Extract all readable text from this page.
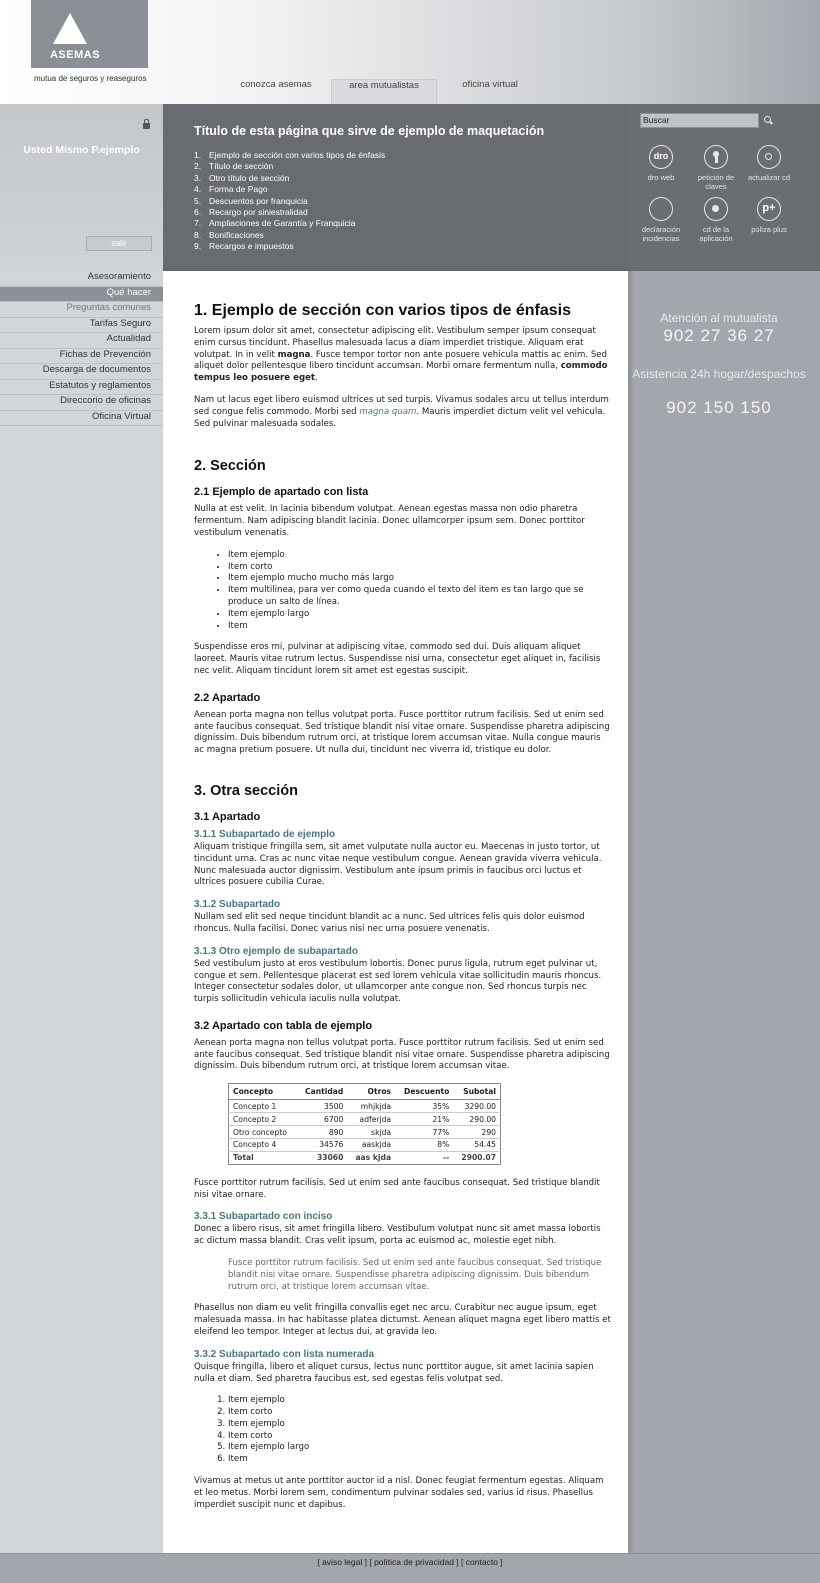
ASEMAS
mutua de seguros y reaseguros
conozca asemas	area mutualistas	oficina virtual
Usted Mismo P.ejemplo
salir
Título de esta página que sirve de ejemplo de maquetación
1. Ejemplo de sección con varios tipos de énfasis
2. Título de sección
3. Otro título de sección
4. Forma de Pago
5. Descuentos por franquicia
6. Recargo por siniestralidad
7. Ampliaciones de Garantía y Franquicia
8. Bonificaciones
9. Recargos e impuestos
Buscar
dro
dro web	petición de claves
actualizar cd
declaración incidencias
cd de la aplicación
p+
poliza plus
Asesoramiento
Qué hacer
Preguntas comunes
Tarifas Seguro
Actualidad
Fichas de Prevención
Descarga de documentos
Estatutos y reglamentos
Direccorio de oficinas
Oficina Virtual
Atención al mutualista
902 27 36 27
Asistencia 24h hogar/despachos
902 150 150
1. Ejemplo de sección con varios tipos de énfasis

Lorem ipsum dolor sit amet, consectetur adipiscing elit. Vestibulum semper ipsum consequat enim cursus tincidunt. Phasellus malesuada lacus a diam imperdiet tristique. Aliquam erat volutpat. In in velit magna. Fusce tempor tortor non ante posuere vehicula mattis ac enim. Sed aliquet dolor pellentesque libero tincidunt accumsan. Morbi ornare fermentum nulla, commodo tempus leo posuere eget.

Nam ut lacus eget libero euismod ultrices ut sed turpis. Vivamus sodales arcu ut tellus interdum sed congue felis commodo. Morbi sed magna quam. Mauris imperdiet dictum velit vel vehicula. Sed pulvinar malesuada sodales.

2. Sección
2.1 Ejemplo de apartado con lista

Nulla at est velit. In lacinia bibendum volutpat. Aenean egestas massa non odio pharetra fermentum. Nam adipiscing blandit lacinia. Donec ullamcorper ipsum sem. Donec porttitor vestibulum venenatis.

• Item ejemplo
• Item corto
• Item ejemplo mucho mucho más largo
• Item multilinea, para ver como queda cuando el texto del item es tan largo que se produce un salto de línea.
• Item ejemplo largo
• Item

Suspendisse eros mi, pulvinar at adipiscing vitae, commodo sed dui. Duis aliquam aliquet laoreet. Mauris vitae rutrum lectus. Suspendisse nisi urna, consectetur eget aliquet in, facilisis nec velit. Aliquam tincidunt lorem sit amet est egestas suscipit.

2.2 Apartado

Aenean porta magna non tellus volutpat porta. Fusce porttitor rutrum facilisis. Sed ut enim sed ante faucibus consequat. Sed tristique blandit nisi vitae ornare. Suspendisse pharetra adipiscing dignissim. Duis bibendum rutrum orci, at tristique lorem accumsan vitae. Nulla congue mauris ac magna pretium posuere. Ut nulla dui, tincidunt nec viverra id, tristique eu dolor.

3. Otra sección
3.1 Apartado
3.1.1 Subapartado de ejemplo

Aliquam tristique fringilla sem, sit amet vulputate nulla auctor eu. Maecenas in justo tortor, ut tincidunt urna. Cras ac nunc vitae neque vestibulum congue. Aenean gravida viverra vehicula. Nunc malesuada auctor dignissim. Vestibulum ante ipsum primis in faucibus orci luctus et ultrices posuere cubilia Curae.

3.1.2 Subapartado

Nullam sed elit sed neque tincidunt blandit ac a nunc. Sed ultrices felis quis dolor euismod rhoncus. Nulla facilisi. Donec varius nisi nec urna posuere venenatis.

3.1.3 Otro ejemplo de subapartado

Sed vestibulum justo at eros vestibulum lobortis. Donec purus ligula, rutrum eget pulvinar ut, congue et sem. Pellentesque placerat est sed lorem vehicula vitae sollicitudin mauris rhoncus. Integer consectetur sodales dolor, ut ullamcorper ante congue non. Sed rhoncus turpis nec turpis sollicitudin vehicula iaculis nulla volutpat.

3.2 Apartado con tabla de ejemplo

Aenean porta magna non tellus volutpat porta. Fusce porttitor rutrum facilisis. Sed ut enim sed ante faucibus consequat. Sed tristique blandit nisi vitae ornare. Suspendisse pharetra adipiscing dignissim. Duis bibendum rutrum orci, at tristique lorem accumsan vitae.

Concepto	Cantidad	Otros	Descuento	Subotal
Concepto 1	3500	mhjkjda	35%	3290.00
Concepto 2	6700	adferjda	21%	290.00
Otro concepto	890	skjda	77%	290
Concepto 4	34576	aaskjda	8%	54.45
Total	33060	aas kjda	--	2900.07

Fusce porttitor rutrum facilisis. Sed ut enim sed ante faucibus consequat. Sed tristique blandit nisi vitae ornare.

3.3.1 Subapartado con inciso

Donec a libero risus, sit amet fringilla libero. Vestibulum volutpat nunc sit amet massa lobortis ac dictum massa blandit. Cras velit ipsum, porta ac euismod ac, molestie eget nibh.

Fusce porttitor rutrum facilisis. Sed ut enim sed ante faucibus consequat. Sed tristique blandit nisi vitae ornare. Suspendisse pharetra adipiscing dignissim. Duis bibendum rutrum orci, at tristique lorem accumsan vitae.

Phasellus non diam eu velit fringilla convallis eget nec arcu. Curabitur nec augue ipsum, eget malesuada massa. In hac habitasse platea dictumst. Aenean aliquet magna eget libero mattis et eleifend leo tempor. Integer at lectus dui, at gravida leo.

3.3.2 Subapartado con lista numerada

Quisque fringilla, libero et aliquet cursus, lectus nunc porttitor augue, sit amet lacinia sapien nulla et diam. Sed pharetra faucibus est, sed egestas felis volutpat sed.

1. Item ejemplo
2. Item corto
3. Item ejemplo
4. Item corto
5. Item ejemplo largo
6. Item

Vivamus at metus ut ante porttitor auctor id a nisl. Donec feugiat fermentum egestas. Aliquam et leo metus. Morbi lorem sem, condimentum pulvinar sodales sed, varius id risus. Phasellus imperdiet suscipit nunc et dapibus.

[ aviso legal ] [ política de privacidad ] [ contacto ]
